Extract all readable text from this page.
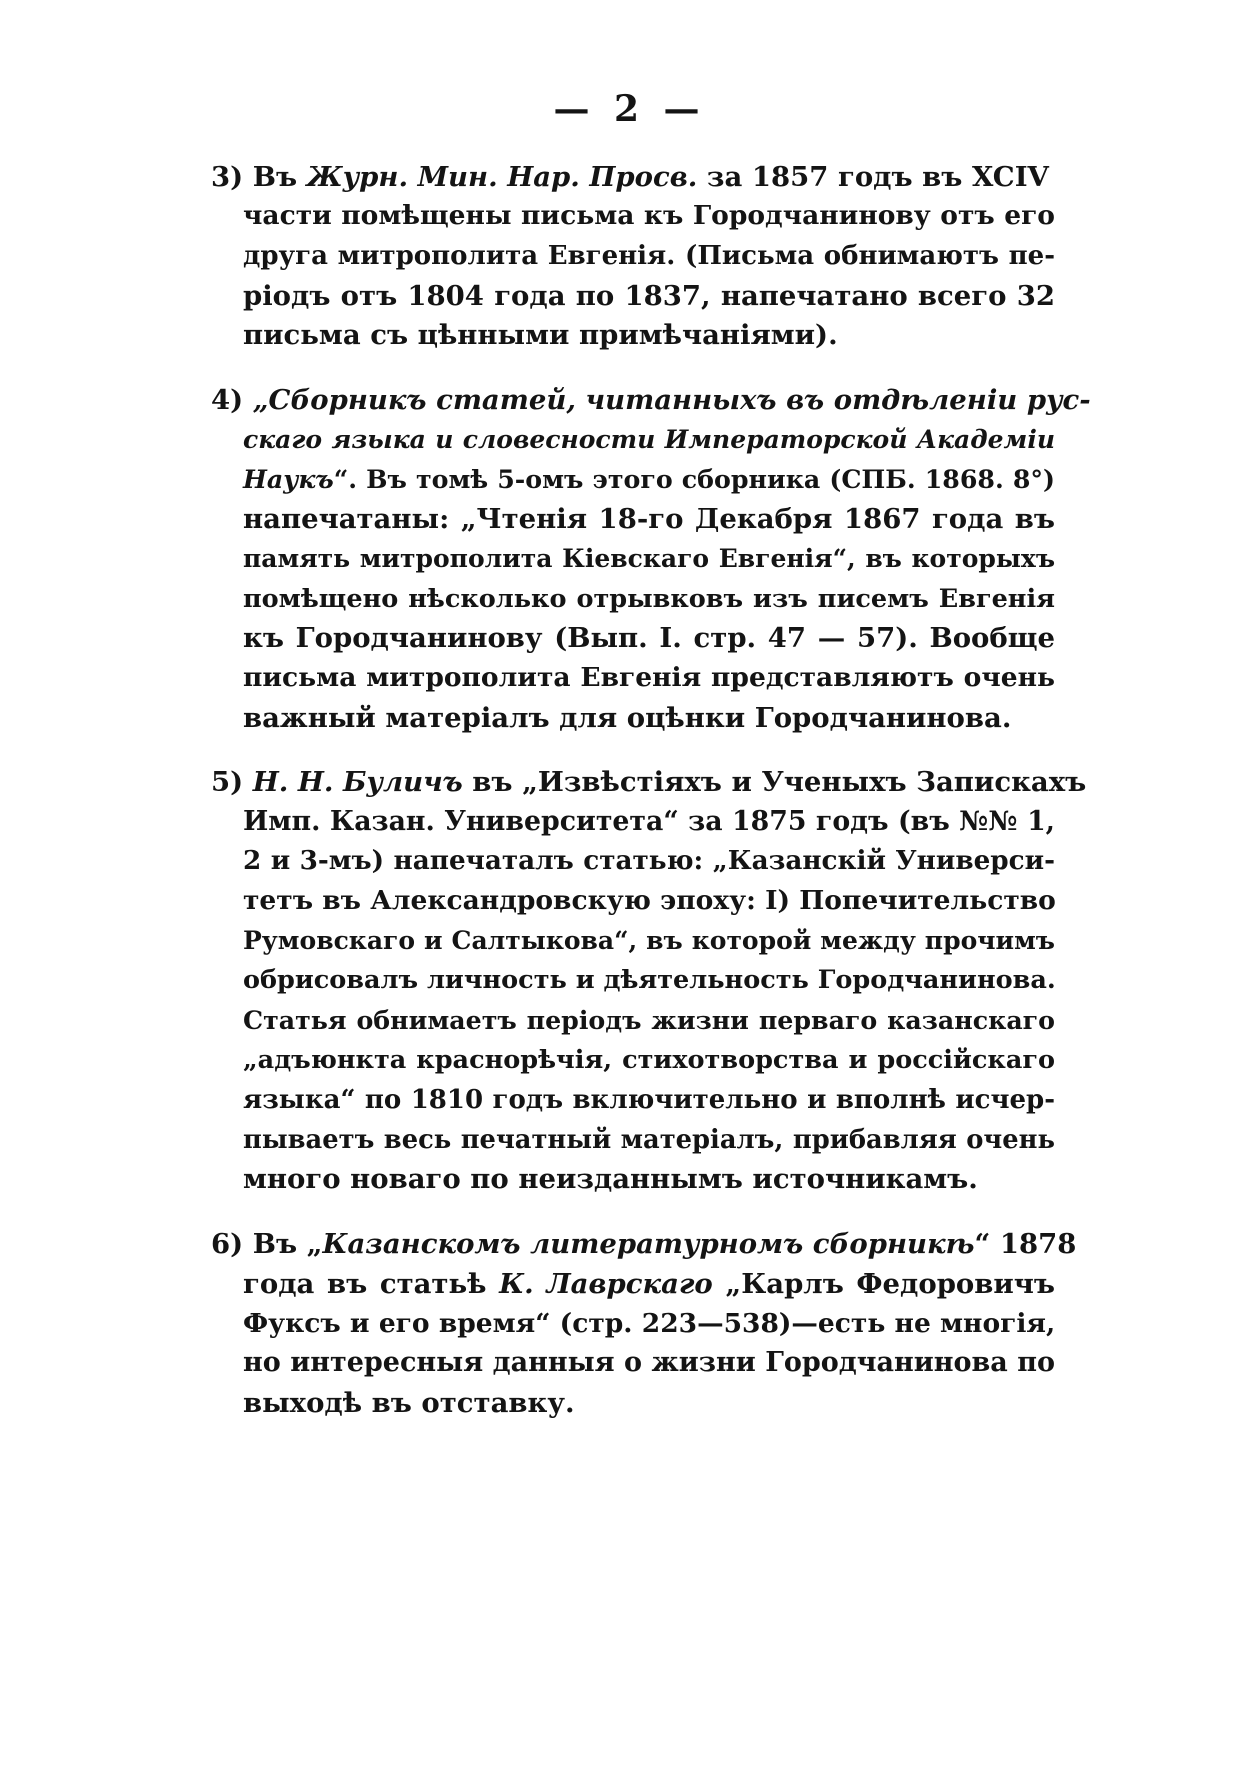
— 2 —
3) Въ Журн. Мин. Нар. Просв. за 1857 годъ въ XCIV
части помѣщены письма къ Городчанинову отъ его
друга митрополита Евгенія. (Письма обнимаютъ пе-
ріодъ отъ 1804 года по 1837, напечатано всего 32
письма съ цѣнными примѣчаніями).
4) „Сборникъ статей, читанныхъ въ отдѣленіи рус-
скаго языка и словесности Императорской Академіи
Наукъ“. Въ томѣ 5-омъ этого сборника (СПБ. 1868. 8°)
напечатаны: „Чтенія 18-го Декабря 1867 года въ
память митрополита Кіевскаго Евгенія“, въ которыхъ
помѣщено нѣсколько отрывковъ изъ писемъ Евгенія
къ Городчанинову (Вып. I. стр. 47 — 57). Вообще
письма митрополита Евгенія представляютъ очень
важный матеріалъ для оцѣнки Городчанинова.
5) Н. Н. Буличъ въ „Извѣстіяхъ и Ученыхъ Запискахъ
Имп. Казан. Университета“ за 1875 годъ (въ №№ 1,
2 и 3-мъ) напечаталъ статью: „Казанскій Универси-
тетъ въ Александровскую эпоху: I) Попечительство
Румовскаго и Салтыкова“, въ которой между прочимъ
обрисовалъ личность и дѣятельность Городчанинова.
Статья обнимаетъ періодъ жизни перваго казанскаго
„адъюнкта краснорѣчія, стихотворства и россійскаго
языка“ по 1810 годъ включительно и вполнѣ исчер-
пываетъ весь печатный матеріалъ, прибавляя очень
много новаго по неизданнымъ источникамъ.
6) Въ „Казанскомъ литературномъ сборникѣ“ 1878
года въ статьѣ К. Лаврскаго „Карлъ Федоровичъ
Фуксъ и его время“ (стр. 223—538)—есть не многія,
но интересныя данныя о жизни Городчанинова по
выходѣ въ отставку.
